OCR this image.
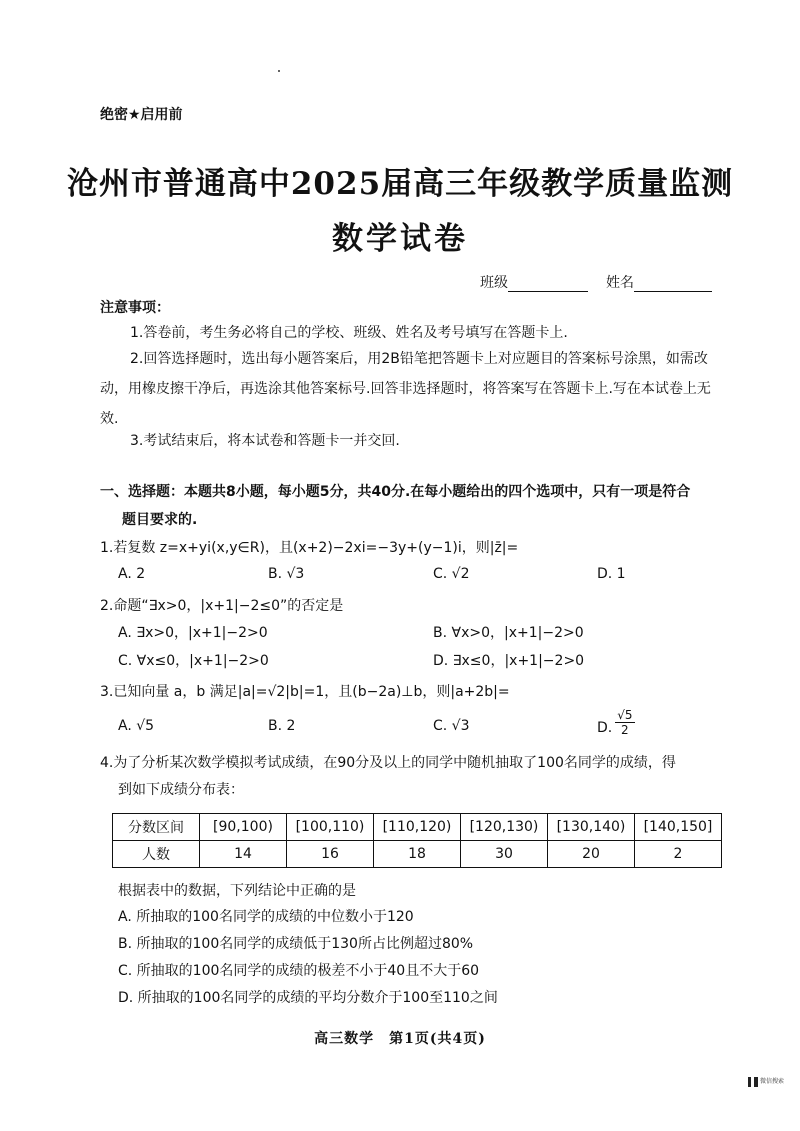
绝密★启用前
沧州市普通高中2025届高三年级教学质量监测
数学试卷
班级	姓名
注意事项：
1.答卷前，考生务必将自己的学校、班级、姓名及考号填写在答题卡上.
2.回答选择题时，选出每小题答案后，用2B铅笔把答题卡上对应题目的答案标号涂黑，如需改动，用橡皮擦干净后，再选涂其他答案标号.回答非选择题时，将答案写在答题卡上.写在本试卷上无效.
3.考试结束后，将本试卷和答题卡一并交回.
一、选择题：本题共8小题，每小题5分，共40分.在每小题给出的四个选项中，只有一项是符合
题目要求的.
1.若复数 z=x+yi(x,y∈R)，且(x+2)−2xi=−3y+(y−1)i，则|z̄|=
A. 2	B. √3	C. √2	D. 1
2.命题“∃x>0，|x+1|−2≤0”的否定是
A. ∃x>0，|x+1|−2>0	B. ∀x>0，|x+1|−2>0
C. ∀x≤0，|x+1|−2>0	D. ∃x≤0，|x+1|−2>0
3.已知向量 a，b 满足|a|=√2|b|=1，且(b−2a)⊥b，则|a+2b|=
A. √5	B. 2	C. √3	D. $\frac{√5}{2}$
4.为了分析某次数学模拟考试成绩，在90分及以上的同学中随机抽取了100名同学的成绩，得
到如下成绩分布表：
分数区间	[90,100)	[100,110)	[110,120)	[120,130)	[130,140)	[140,150]
人数	14	16	18	30	20	2
根据表中的数据，下列结论中正确的是
A. 所抽取的100名同学的成绩的中位数小于120
B. 所抽取的100名同学的成绩低于130所占比例超过80%
C. 所抽取的100名同学的成绩的极差不小于40且不大于60
D. 所抽取的100名同学的成绩的平均分数介于100至110之间
高三数学　第1页(共4页)
微信搜索
